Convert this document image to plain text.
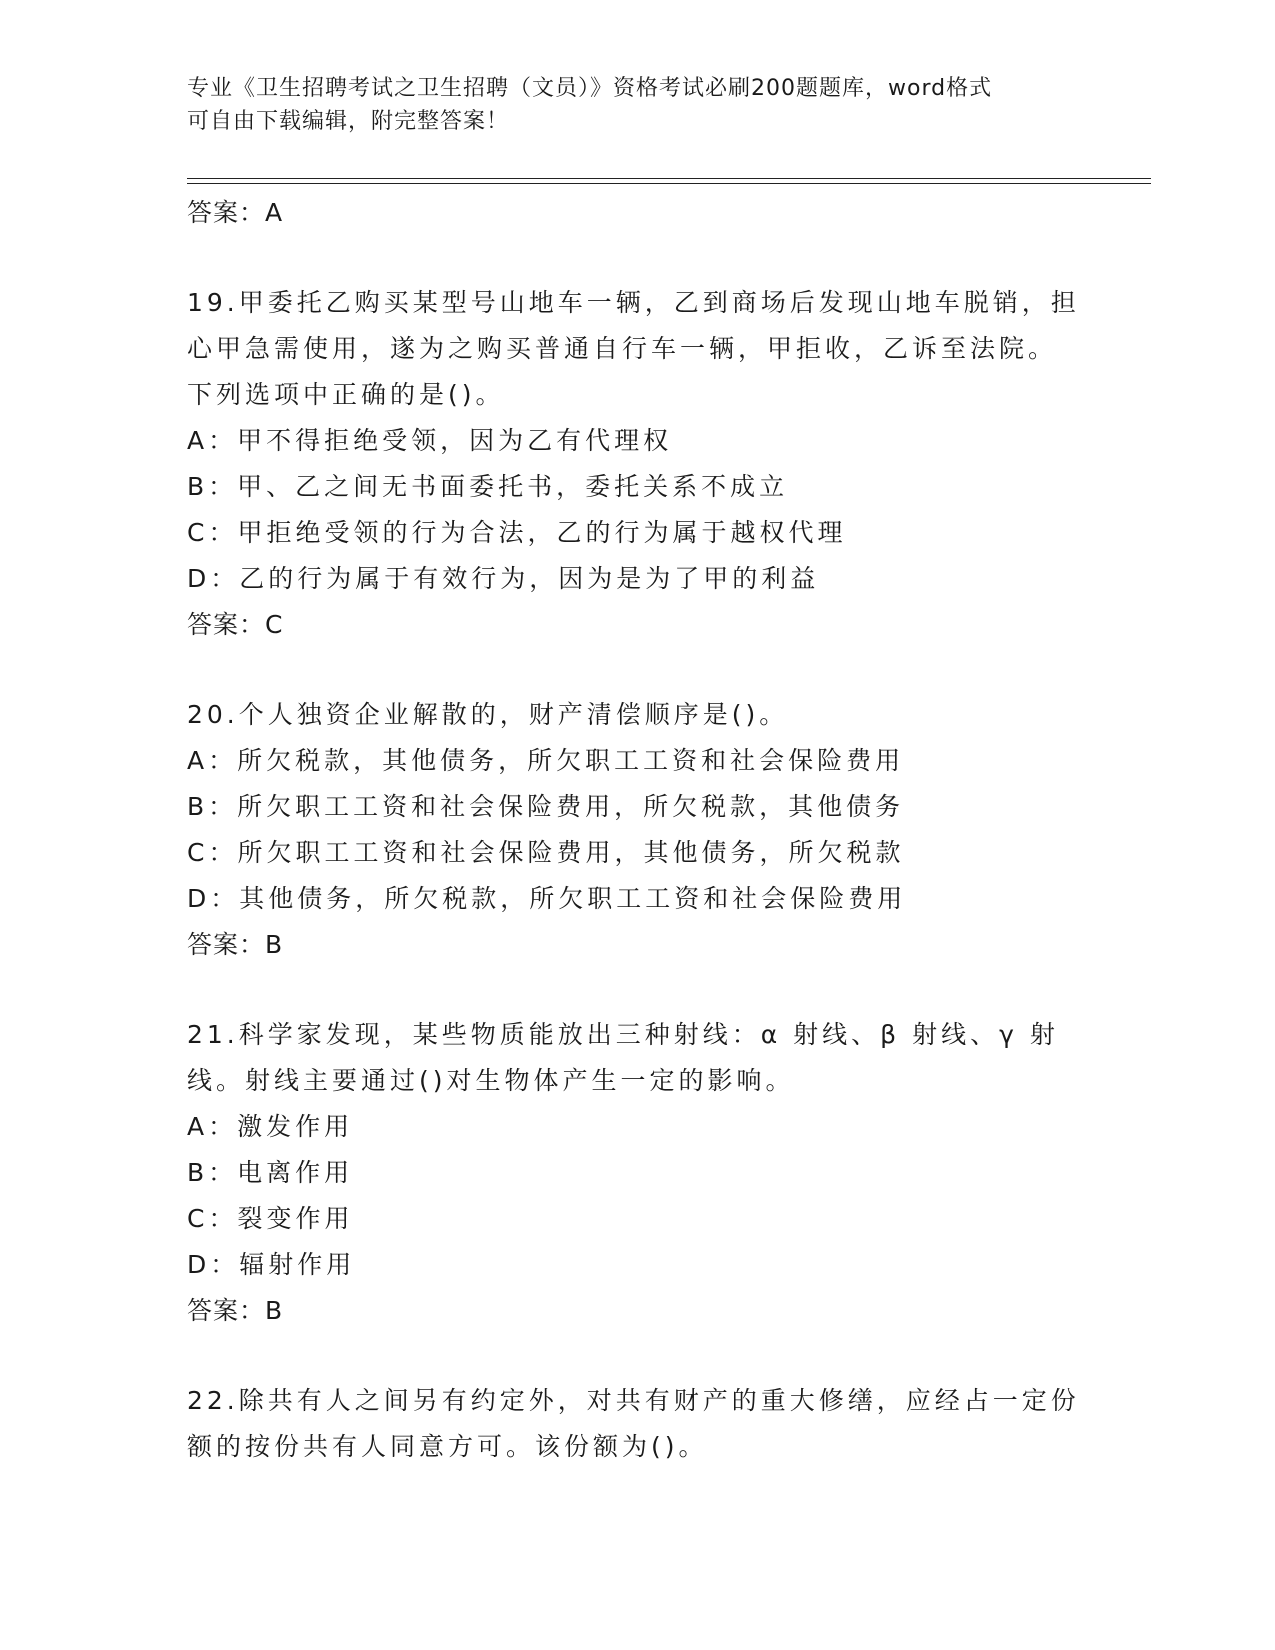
专业《卫生招聘考试之卫生招聘（文员）》资格考试必刷200题题库，word格式
可自由下载编辑，附完整答案！
答案：A
19.甲委托乙购买某型号山地车一辆，乙到商场后发现山地车脱销，担
心甲急需使用，遂为之购买普通自行车一辆，甲拒收，乙诉至法院。
下列选项中正确的是()。
A：甲不得拒绝受领，因为乙有代理权
B：甲、乙之间无书面委托书，委托关系不成立
C：甲拒绝受领的行为合法，乙的行为属于越权代理
D：乙的行为属于有效行为，因为是为了甲的利益
答案：C
20.个人独资企业解散的，财产清偿顺序是()。
A：所欠税款，其他债务，所欠职工工资和社会保险费用
B：所欠职工工资和社会保险费用，所欠税款，其他债务
C：所欠职工工资和社会保险费用，其他债务，所欠税款
D：其他债务，所欠税款，所欠职工工资和社会保险费用
答案：B
21.科学家发现，某些物质能放出三种射线：α 射线、β 射线、γ 射
线。射线主要通过()对生物体产生一定的影响。
A：激发作用
B：电离作用
C：裂变作用
D：辐射作用
答案：B
22.除共有人之间另有约定外，对共有财产的重大修缮，应经占一定份
额的按份共有人同意方可。该份额为()。
